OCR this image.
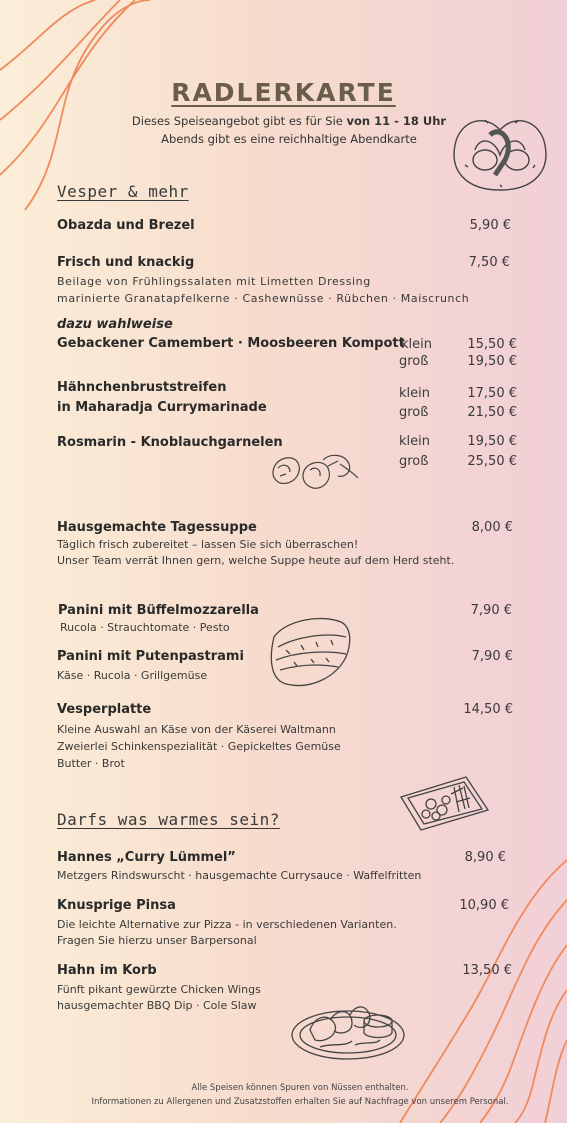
RADLERKARTE
Dieses Speiseangebot gibt es für Sie von 11 - 18 Uhr
Abends gibt es eine reichhaltige Abendkarte
Vesper & mehr
Obazda und Brezel	5,90 €
Frisch und knackig	7,50 €
Beilage von Frühlingssalaten mit Limetten Dressing
marinierte Granatapfelkerne · Cashewnüsse · Rübchen · Maiscrunch
dazu wahlweise
Gebackener Camembert · Moosbeeren Kompott
klein	15,50 €
groß	19,50 €
Hähnchenbruststreifen
in Maharadja Currymarinade
klein	17,50 €
groß	21,50 €
Rosmarin - Knoblauchgarnelen	klein	19,50 €
groß	25,50 €
Hausgemachte Tagessuppe	8,00 €
Täglich frisch zubereitet – lassen Sie sich überraschen!
Unser Team verrät Ihnen gern, welche Suppe heute auf dem Herd steht.
Panini mit Büffelmozzarella	7,90 €
Rucola · Strauchtomate · Pesto
Panini mit Putenpastrami	7,90 €
Käse · Rucola · Grillgemüse
Vesperplatte	14,50 €
Kleine Auswahl an Käse von der Käserei Waltmann
Zweierlei Schinkenspezialität · Gepickeltes Gemüse
Butter · Brot
Darfs was warmes sein?
Hannes „Curry Lümmel”	8,90 €
Metzgers Rindswurscht · hausgemachte Currysauce · Waffelfritten
Knusprige Pinsa	10,90 €
Die leichte Alternative zur Pizza - in verschiedenen Varianten.
Fragen Sie hierzu unser Barpersonal
Hahn im Korb	13,50 €
Fünft pikant gewürzte Chicken Wings
hausgemachter BBQ Dip · Cole Slaw
Alle Speisen können Spuren von Nüssen enthalten.
Informationen zu Allergenen und Zusatzstoffen erhalten Sie auf Nachfrage von unserem Personal.
